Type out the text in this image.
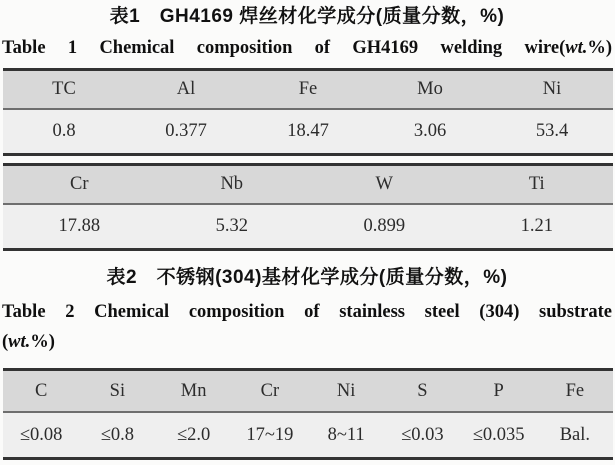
表1　GH4169 焊丝材化学成分(质量分数，%)
Table 1 Chemical composition of GH4169 welding wire(wt.%)
TC	Al	Fe	Mo	Ni
0.8	0.377	18.47	3.06	53.4
Cr	Nb	W	Ti
17.88	5.32	0.899	1.21
表2　不锈钢(304)基材化学成分(质量分数，%)
Table 2 Chemical composition of stainless steel (304) substrate
(wt.%)
C	Si	Mn	Cr	Ni	S	P	Fe
≤0.08	≤0.8	≤2.0	17~19	8~11	≤0.03	≤0.035	Bal.
